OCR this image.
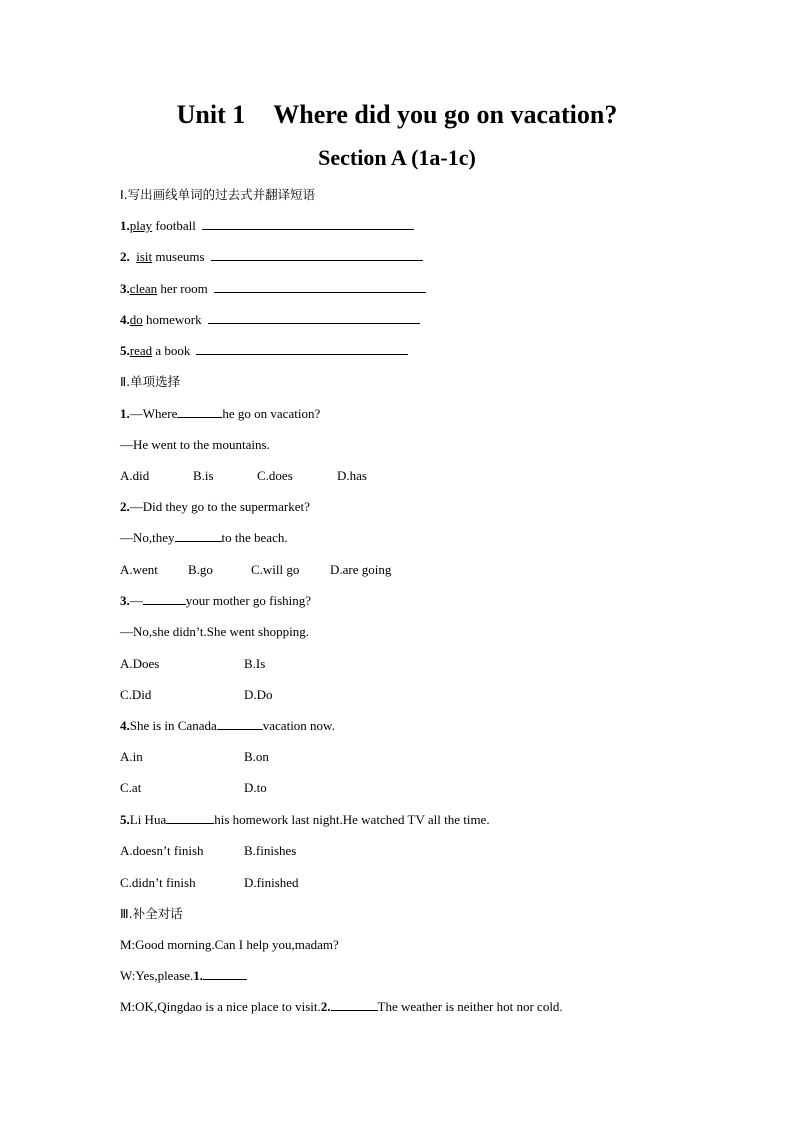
Unit 1 Where did you go on vacation?
Section A (1a-1c)
Ⅰ.写出画线单词的过去式并翻译短语
1.play football
2. isit museums
3.clean her room
4.do homework
5.read a book
Ⅱ.单项选择
1.—Where	he go on vacation?
—He went to the mountains.
A.did	B.is	C.does	D.has
2.—Did they go to the supermarket?
—No,they	to the beach.
A.went B.go	C.will go D.are going
3.—	your mother go fishing?
—No,she didn’t.She went shopping.
A.Does	B.Is
C.Did	D.Do
4.She is in Canada	vacation now.
A.in	B.on
C.at	D.to
5.Li Hua	his homework last night.He watched TV all the time.
A.doesn’t finish	B.finishes
C.didn’t finish	D.finished
Ⅲ.补全对话
M:Good morning.Can I help you,madam?
W:Yes,please.1.
M:OK,Qingdao is a nice place to visit.2.	The weather is neither hot nor cold.
